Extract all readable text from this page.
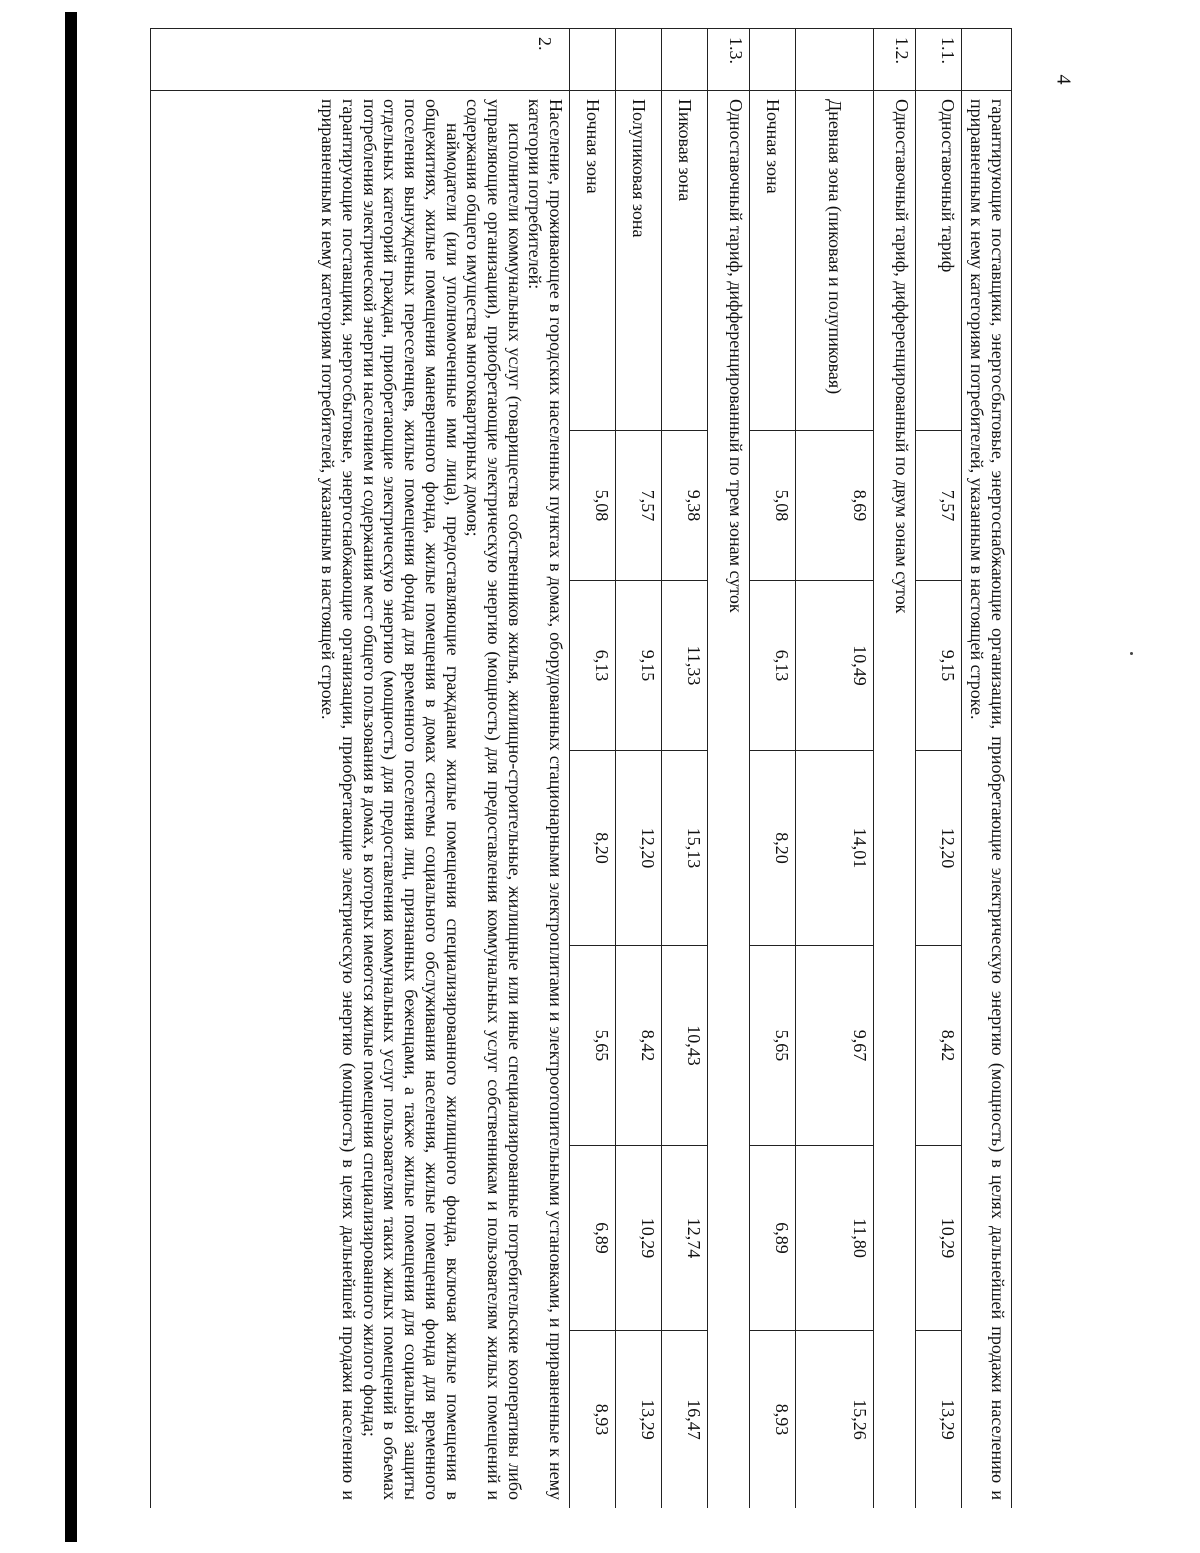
4
	гарантирующие поставщики, энергосбытовые, энергоснабжающие организации, приобретающие электрическую энергию (мощность) в целях дальнейшей продажи населению и приравненным к нему категориям потребителей, указанным в настоящей строке.						
1.1.	Одноставочный тариф	7,57	9,15	12,20	8,42	10,29	13,29
1.2.	Одноставочный тариф, дифференцированный по двум зонам суток						
	Дневная зона (пиковая и полупиковая)	8,69	10,49	14,01	9,67	11,80	15,26
	Ночная зона	5,08	6,13	8,20	5,65	6,89	8,93
1.3.	Одноставочный тариф, дифференцированный по трем зонам суток						
	Пиковая зона	9,38	11,33	15,13	10,43	12,74	16,47
	Полупиковая зона	7,57	9,15	12,20	8,42	10,29	13,29
	Ночная зона	5,08	6,13	8,20	5,65	6,89	8,93
2.	Население, проживающее в городских населенных пунктах в домах, оборудованных стационарными электроплитами и электроотопительными установками, и приравненные к нему категории потребителей:

исполнители коммунальных услуг (товарищества собственников жилья, жилищно-строительные, жилищные или иные специализированные потребительские кооперативы либо управляющие организации), приобретающие электрическую энергию (мощность) для предоставления коммунальных услуг собственникам и пользователям жилых помещений и содержания общего имущества многоквартирных домов;

наймодатели (или уполномоченные ими лица), предоставляющие гражданам жилые помещения специализированного жилищного фонда, включая жилые помещения в общежитиях, жилые помещения маневренного фонда, жилые помещения в домах системы социального обслуживания населения, жилые помещения фонда для временного поселения вынужденных переселенцев, жилые помещения фонда для временного поселения лиц, признанных беженцами, а также жилые помещения для социальной защиты отдельных категорий граждан, приобретающие электрическую энергию (мощность) для предоставления коммунальных услуг пользователям таких жилых помещений в объемах потребления электрической энергии населением и содержания мест общего пользования в домах, в которых имеются жилые помещения специализированного жилого фонда;

гарантирующие поставщики, энергосбытовые, энергоснабжающие организации, приобретающие электрическую энергию (мощность) в целях дальнейшей продажи населению и приравненным к нему категориям потребителей, указанным в настоящей строке.						
